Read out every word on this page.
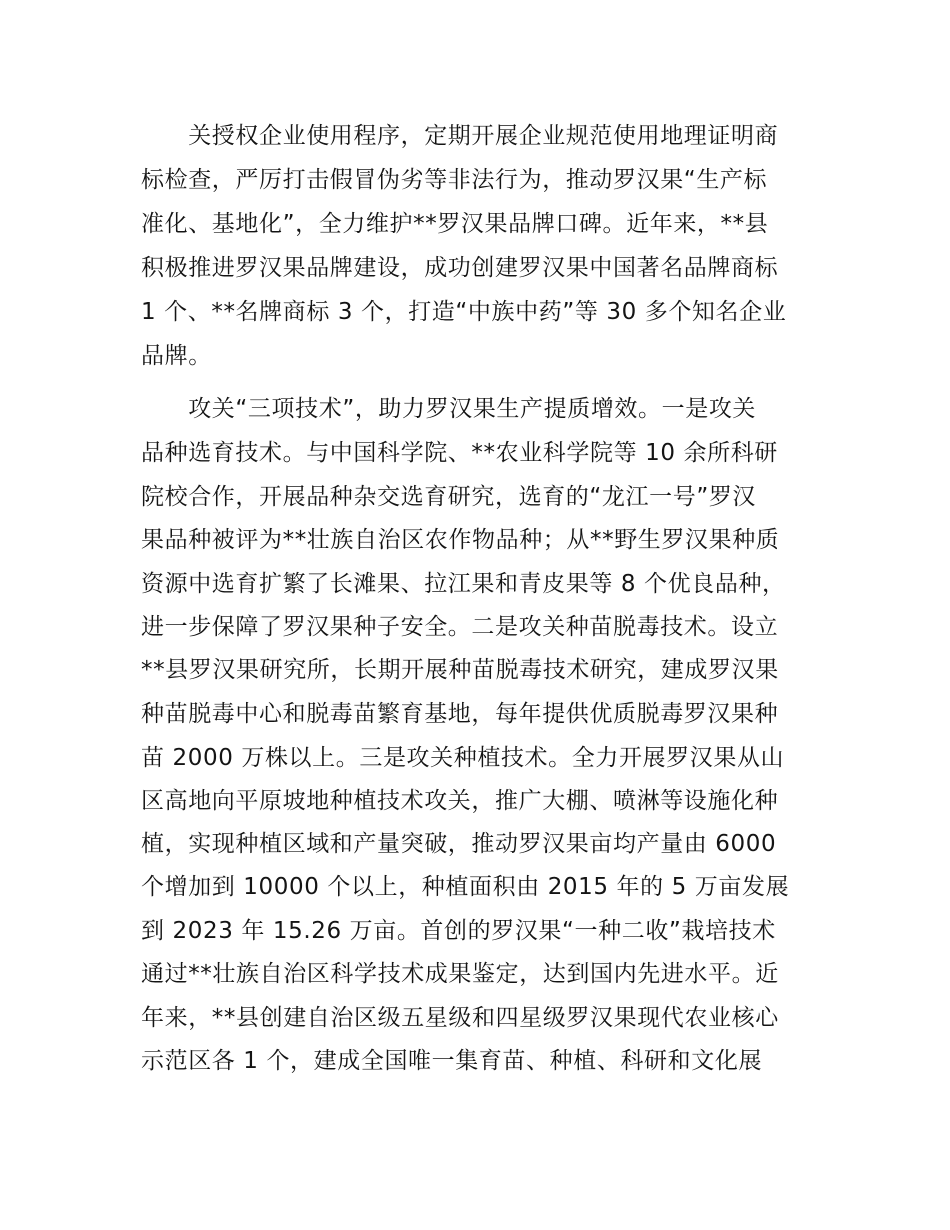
　　关授权企业使用程序，定期开展企业规范使用地理证明商
标检查，严厉打击假冒伪劣等非法行为，推动罗汉果“生产标
准化、基地化”，全力维护**罗汉果品牌口碑。近年来，**县
积极推进罗汉果品牌建设，成功创建罗汉果中国著名品牌商标
1 个、**名牌商标 3 个，打造“中族中药”等 30 多个知名企业
品牌。
　　攻关“三项技术”，助力罗汉果生产提质增效。一是攻关
品种选育技术。与中国科学院、**农业科学院等 10 余所科研
院校合作，开展品种杂交选育研究，选育的“龙江一号”罗汉
果品种被评为**壮族自治区农作物品种；从**野生罗汉果种质
资源中选育扩繁了长滩果、拉江果和青皮果等 8 个优良品种，
进一步保障了罗汉果种子安全。二是攻关种苗脱毒技术。设立
**县罗汉果研究所，长期开展种苗脱毒技术研究，建成罗汉果
种苗脱毒中心和脱毒苗繁育基地，每年提供优质脱毒罗汉果种
苗 2000 万株以上。三是攻关种植技术。全力开展罗汉果从山
区高地向平原坡地种植技术攻关，推广大棚、喷淋等设施化种
植，实现种植区域和产量突破，推动罗汉果亩均产量由 6000
个增加到 10000 个以上，种植面积由 2015 年的 5 万亩发展
到 2023 年 15.26 万亩。首创的罗汉果“一种二收”栽培技术
通过**壮族自治区科学技术成果鉴定，达到国内先进水平。近
年来，**县创建自治区级五星级和四星级罗汉果现代农业核心
示范区各 1 个，建成全国唯一集育苗、种植、科研和文化展
